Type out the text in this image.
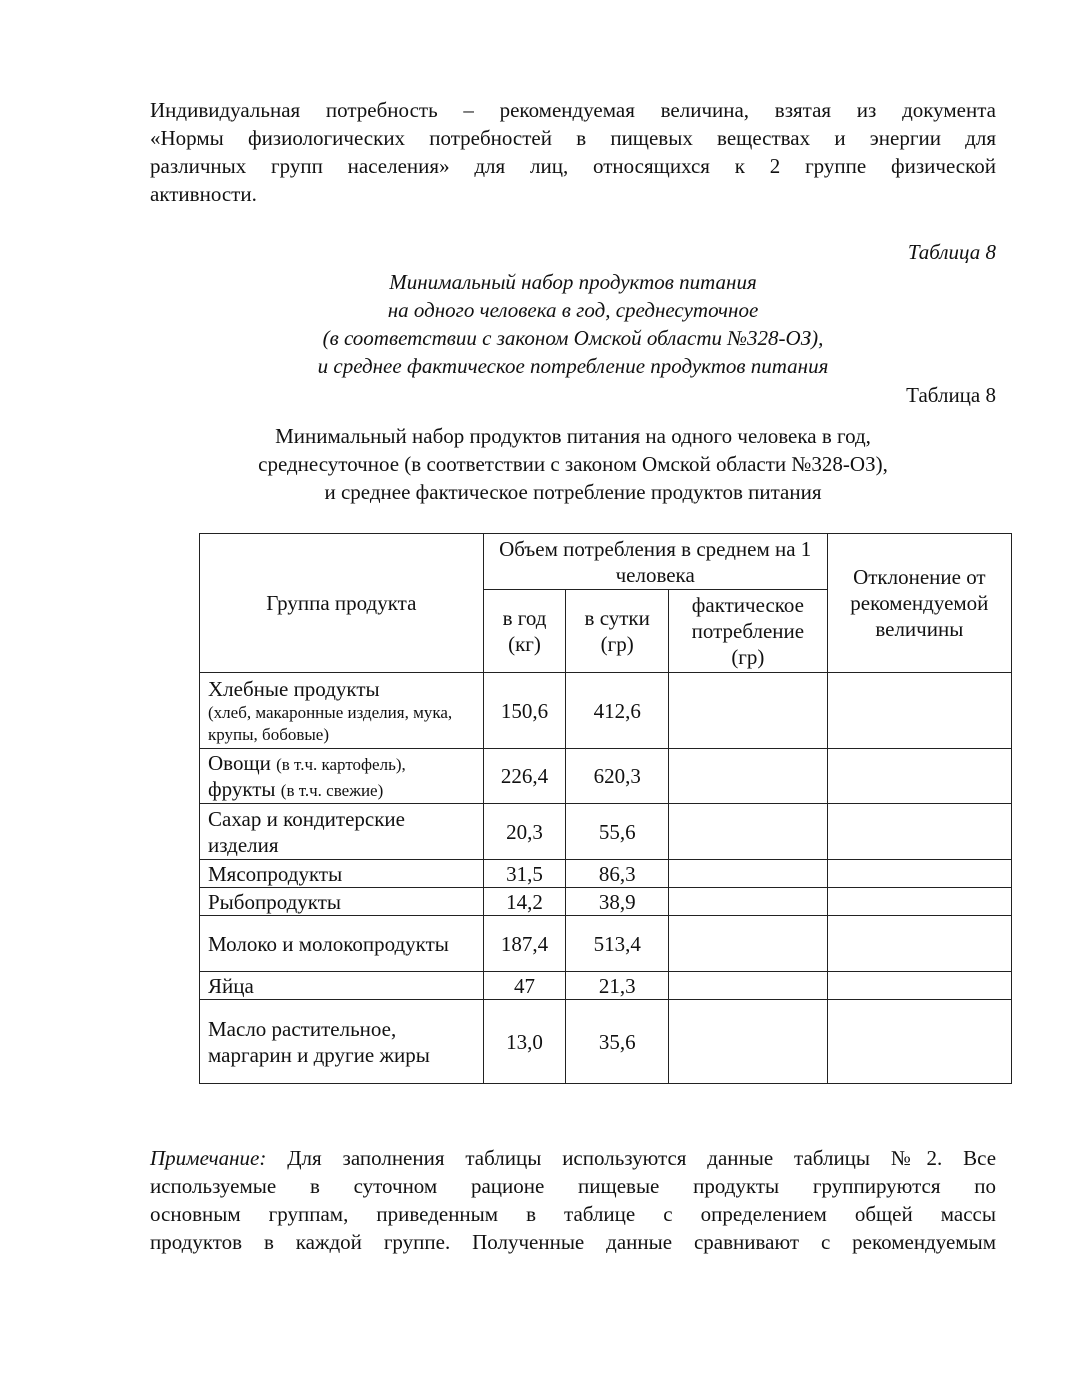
Индивидуальная потребность – рекомендуемая величина, взятая из документа
«Нормы физиологических потребностей в пищевых веществах и энергии для
различных групп населения» для лиц, относящихся к 2 группе физической
активности.

Таблица 8
Минимальный набор продуктов питания
на одного человека в год, среднесуточное
(в соответствии с законом Омской области №328-ОЗ),
и среднее фактическое потребление продуктов питания
Таблица 8
Минимальный набор продуктов питания на одного человека в год,
среднесуточное (в соответствии с законом Омской области №328-ОЗ),
и среднее фактическое потребление продуктов питания
Группа продукта	Объем потребления в среднем на 1 человека			Отклонение от рекомендуемой величины
	в год (кг)	в сутки (гр)	фактическое потребление (гр)	

Хлебные продукты
(хлеб, макаронные изделия, мука, крупы, бобовые)	150,6	412,6		

Овощи (в т.ч. картофель),
фрукты (в т.ч. свежие)	226,4	620,3		
Сахар и кондитерские изделия	20,3	55,6		
Мясопродукты	31,5	86,3		
Рыбопродукты	14,2	38,9		
Молоко и молокопродукты	187,4	513,4		
Яйца	47	21,3		
Масло растительное, маргарин и другие жиры	13,0	35,6		
Примечание: Для заполнения таблицы используются данные таблицы №2. Все
используемые в суточном рационе пищевые продукты группируются по
основным группам, приведенным в таблице с определением общей массы
продуктов в каждой группе. Полученные данные сравнивают с рекомендуемым
